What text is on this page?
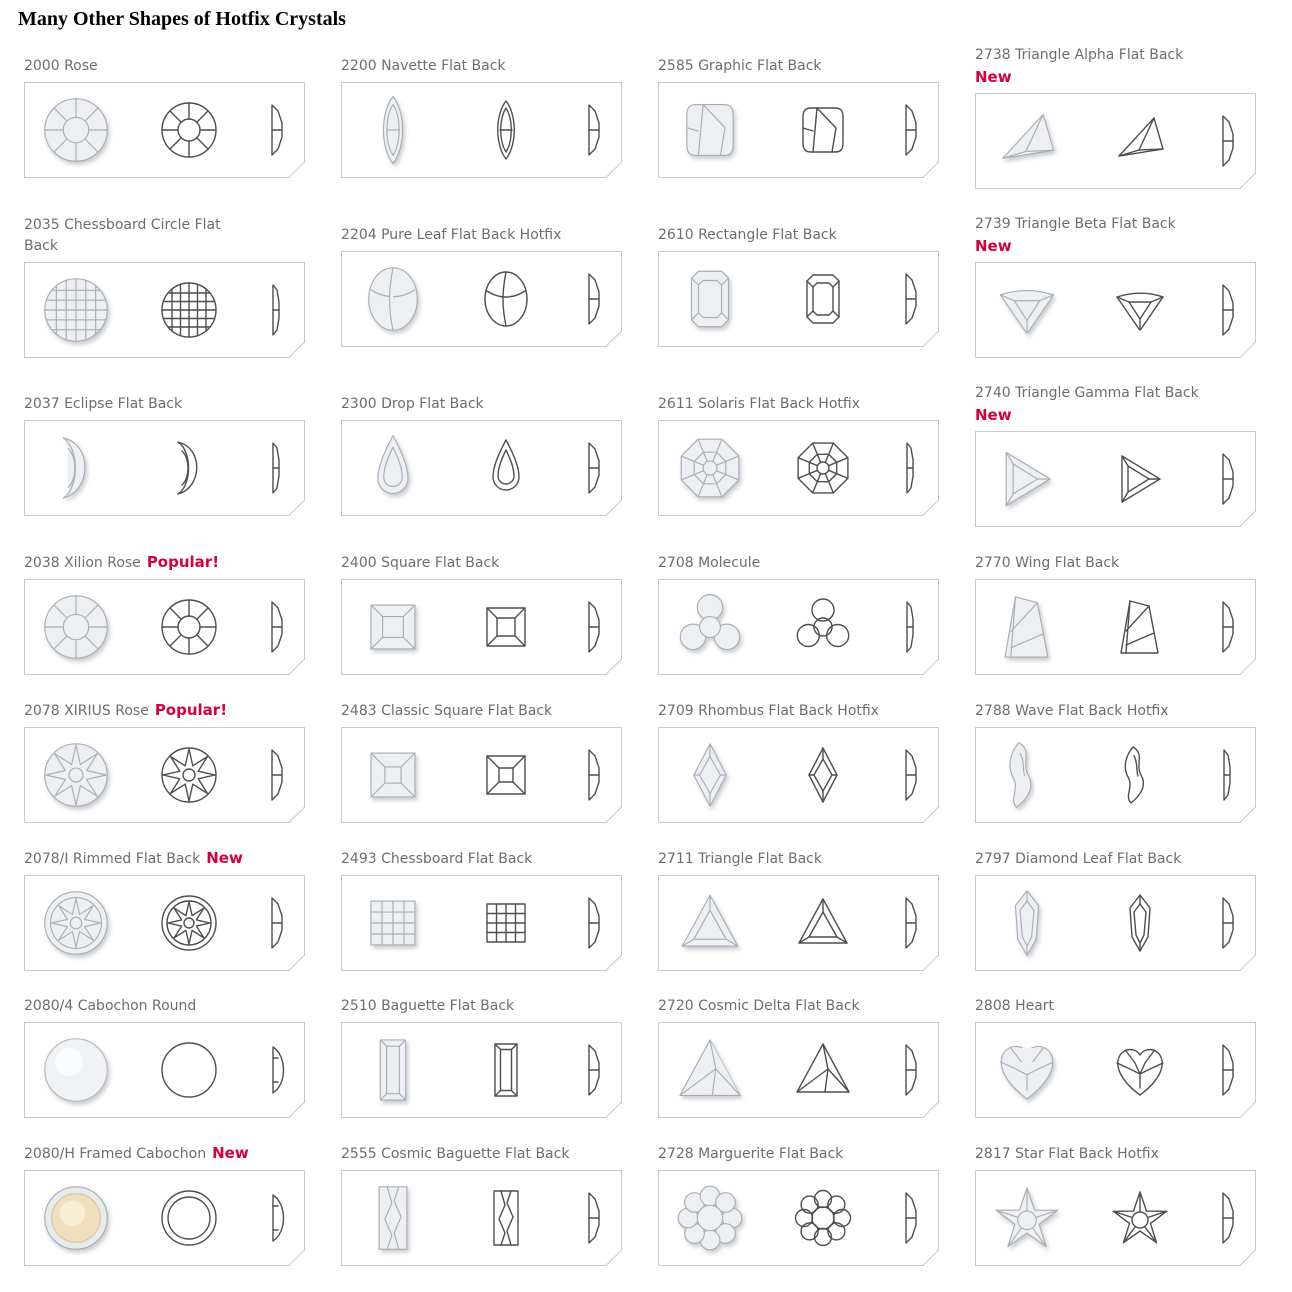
Many Other Shapes of Hotfix Crystals
2000 Rose	2200 Navette Flat Back	2585 Graphic Flat Back
2738 Triangle Alpha Flat Back
New
2035 Chessboard Circle Flat Back
2204 Pure Leaf Flat Back Hotfix	2610 Rectangle Flat Back
2739 Triangle Beta Flat Back
New
2037 Eclipse Flat Back	2300 Drop Flat Back	2611 Solaris Flat Back Hotfix
2740 Triangle Gamma Flat Back
New
2038 Xilion Rose Popular!	2400 Square Flat Back	2708 Molecule	2770 Wing Flat Back
2078 XIRIUS Rose Popular!	2483 Classic Square Flat Back	2709 Rhombus Flat Back Hotfix	2788 Wave Flat Back Hotfix
2078/I Rimmed Flat Back New	2493 Chessboard Flat Back	2711 Triangle Flat Back	2797 Diamond Leaf Flat Back
2080/4 Cabochon Round	2510 Baguette Flat Back	2720 Cosmic Delta Flat Back	2808 Heart
2080/H Framed Cabochon New	2555 Cosmic Baguette Flat Back	2728 Marguerite Flat Back	2817 Star Flat Back Hotfix
